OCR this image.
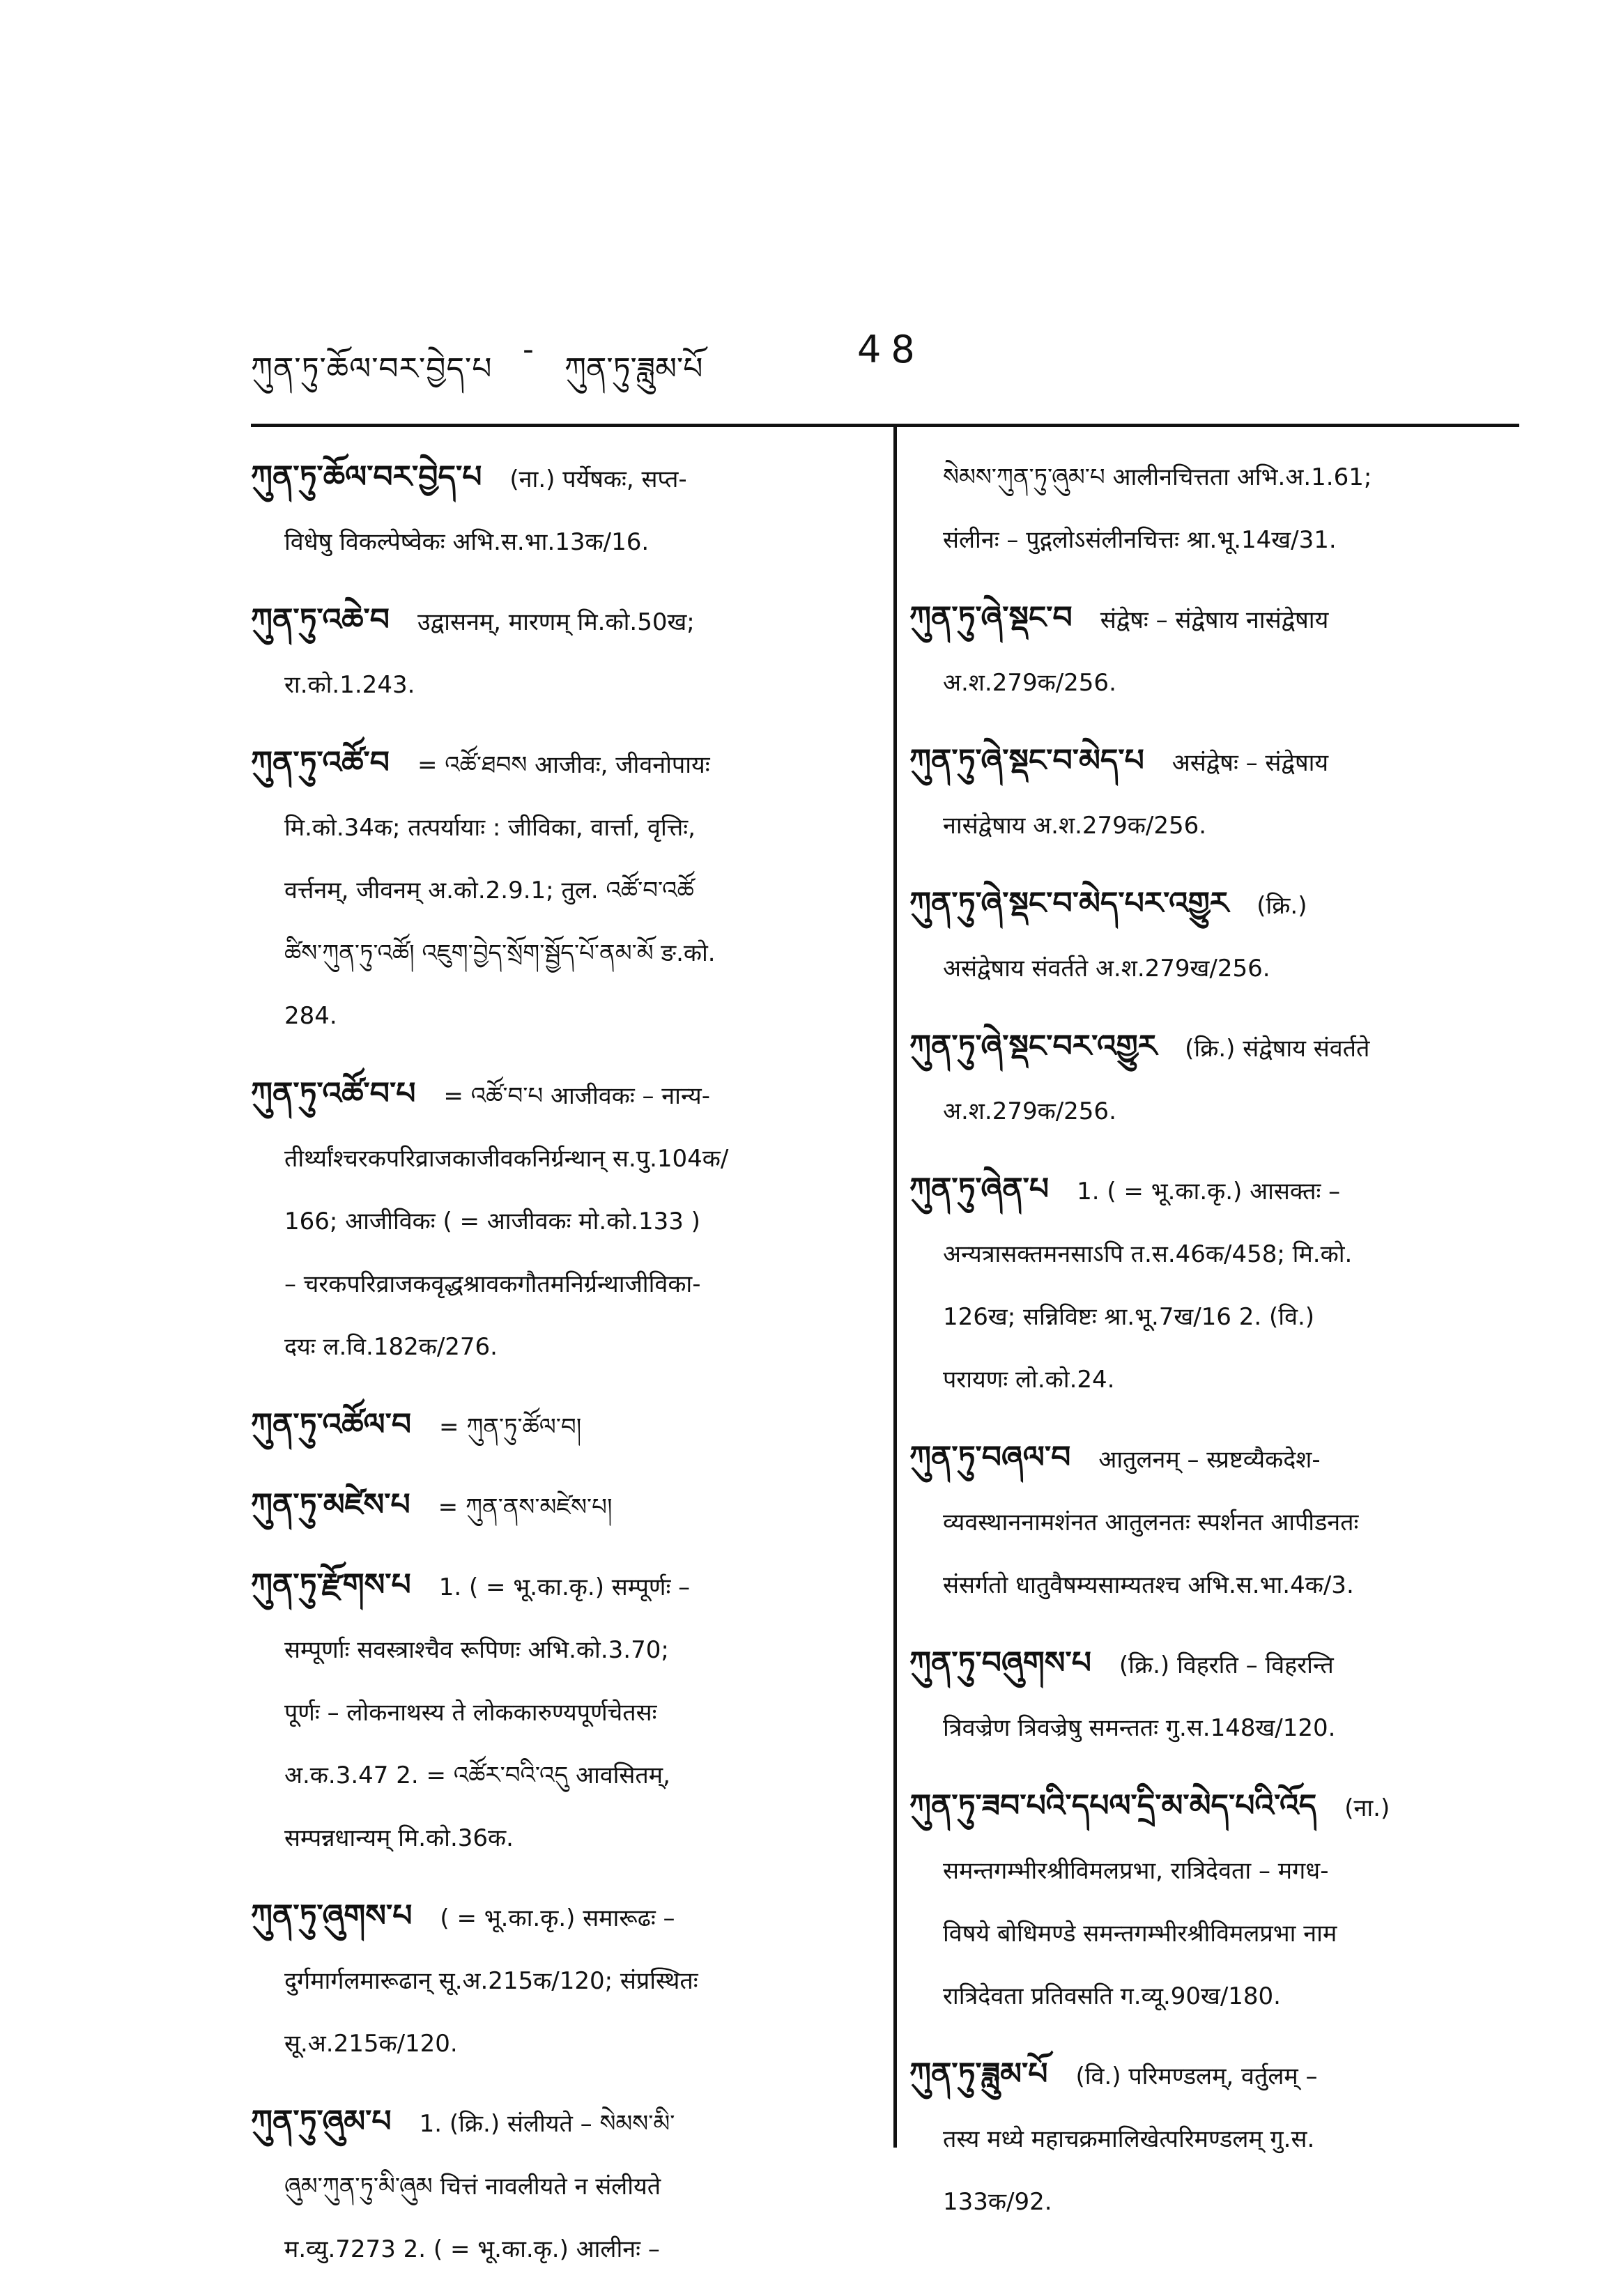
ཀུན་ཏུ་ཆོལ་བར་བྱེད་པ
-
ཀུན་ཏུ་ཟླུམ་པོ	48
ཀུན་ཏུ་ཆོལ་བར་བྱེད་པ (ना.) पर्येषकः, सप्त-
विधेषु विकल्पेष्वेकः अभि.स.भा.13क/16.
ཀུན་ཏུ་འཆེ་བ उद्वासनम्, मारणम् मि.को.50ख;
रा.को.1.243.
ཀུན་ཏུ་འཚོ་བ = འཚོ་ཐབས आजीवः, जीवनोपायः
मि.को.34क; तत्पर्यायाः : जीविका, वार्त्ता, वृत्तिः,
वर्त्तनम्, जीवनम् अ.को.2.9.1; तुल. འཚོ་བ་འཚོ
ཚིས་ཀུན་ཏུ་འཚོ། འཇུག་བྱེད་སྲོག་སྦྱོད་པོ་ནམ་མོ ङ.को.
284.
ཀུན་ཏུ་འཚོ་བ་པ = འཚོ་བ་པ आजीवकः – नान्य-
तीर्थ्यांश्चरकपरिव्राजकाजीवकनिर्ग्रन्थान् स.पु.104क/
166; आजीविकः ( = आजीवकः मो.को.133 )
– चरकपरिव्राजकवृद्धश्रावकगौतमनिर्ग्रन्थाजीविका-
दयः ल.वि.182क/276.
ཀུན་ཏུ་འཚོལ་བ = ཀུན་ཏུ་ཚོལ་བ།
ཀུན་ཏུ་མཛེས་པ = ཀུན་ནས་མཛེས་པ།
ཀུན་ཏུ་རྫོགས་པ 1. ( = भू.का.कृ.) सम्पूर्णः –
सम्पूर्णाः सवस्त्राश्चैव रूपिणः अभि.को.3.70;
पूर्णः – लोकनाथस्य ते लोककारुण्यपूर्णचेतसः
अ.क.3.47 2. = འཚོར་བའི་འདུ आवसितम्,
सम्पन्नधान्यम् मि.को.36क.
ཀུན་ཏུ་ཞུགས་པ ( = भू.का.कृ.) समारूढः –
दुर्गमार्गलमारूढान् सू.अ.215क/120; संप्रस्थितः
सू.अ.215क/120.
ཀུན་ཏུ་ཞུམ་པ 1. (क्रि.) संलीयते – སེམས་མི་
ཞུམ་ཀུན་ཏུ་མི་ཞུམ चित्तं नावलीयते न संलीयते
म.व्यु.7273 2. ( = भू.का.कृ.) आलीनः –
སེམས་ཀུན་ཏུ་ཞུམ་པ आलीनचित्तता अभि.अ.1.61;
संलीनः – पुद्गलोऽसंलीनचित्तः श्रा.भू.14ख/31.
ཀུན་ཏུ་ཞེ་སྡང་བ संद्वेषः – संद्वेषाय नासंद्वेषाय
अ.श.279क/256.
ཀུན་ཏུ་ཞེ་སྡང་བ་མེད་པ असंद्वेषः – संद्वेषाय
नासंद्वेषाय अ.श.279क/256.
ཀུན་ཏུ་ཞེ་སྡང་བ་མེད་པར་འགྱུར (क्रि.)
असंद्वेषाय संवर्तते अ.श.279ख/256.
ཀུན་ཏུ་ཞེ་སྡང་བར་འགྱུར (क्रि.) संद्वेषाय संवर्तते
अ.श.279क/256.
ཀུན་ཏུ་ཞེན་པ 1. ( = भू.का.कृ.) आसक्तः –
अन्यत्रासक्तमनसाऽपि त.स.46क/458; मि.को.
126ख; सन्निविष्टः श्रा.भू.7ख/16 2. (वि.)
परायणः लो.को.24.
ཀུན་ཏུ་བཞལ་བ आतुलनम् – स्प्रष्टव्यैकदेश-
व्यवस्थाननामशंनत आतुलनतः स्पर्शनत आपीडनतः
संसर्गतो धातुवैषम्यसाम्यतश्च अभि.स.भा.4क/3.
ཀུན་ཏུ་བཞུགས་པ (क्रि.) विहरति – विहरन्ति
त्रिवज्रेण त्रिवज्रेषु समन्ततः गु.स.148ख/120.
ཀུན་ཏུ་ཟབ་པའི་དཔལ་དྲི་མ་མེད་པའི་འོད (ना.)
समन्तगम्भीरश्रीविमलप्रभा, रात्रिदेवता – मगध-
विषये बोधिमण्डे समन्तगम्भीरश्रीविमलप्रभा नाम
रात्रिदेवता प्रतिवसति ग.व्यू.90ख/180.
ཀུན་ཏུ་ཟླུམ་པོ (वि.) परिमण्डलम्, वर्तुलम् –
तस्य मध्ये महाचक्रमालिखेत्परिमण्डलम् गु.स.
133क/92.
